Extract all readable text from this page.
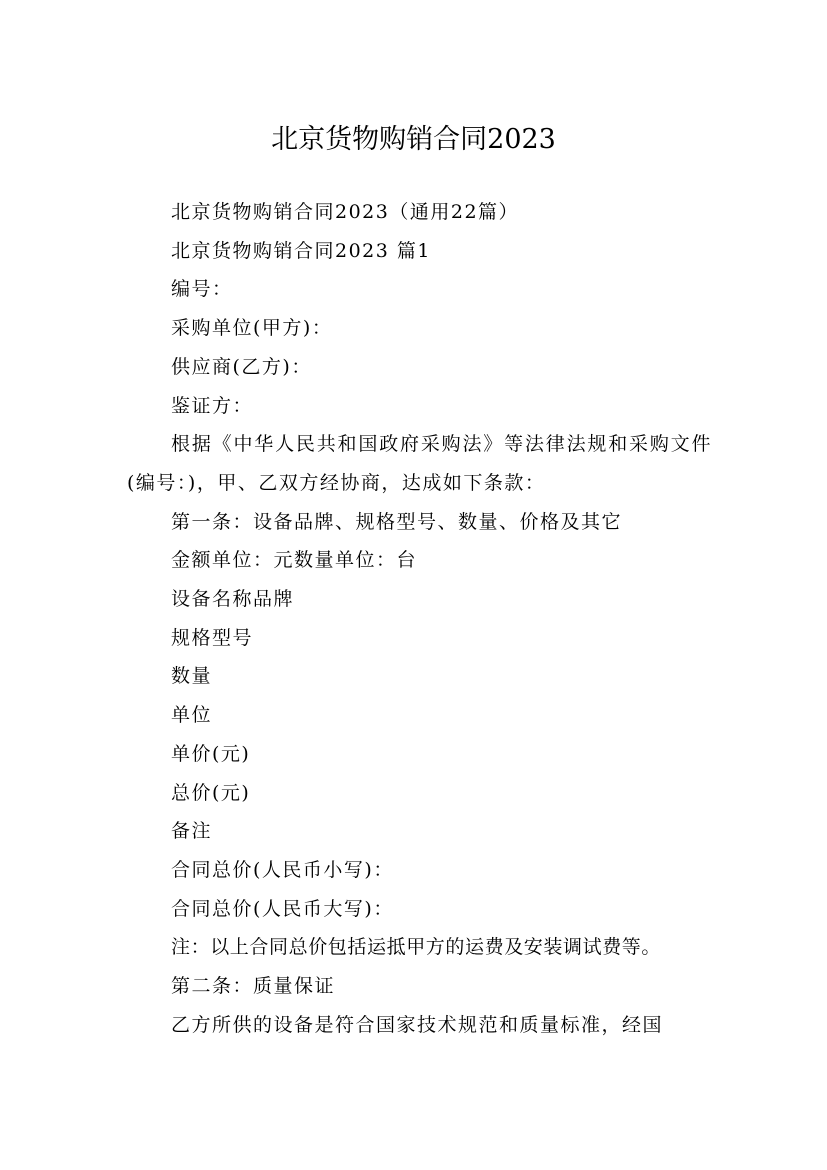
北京货物购销合同2023

北京货物购销合同2023（通用22篇）

北京货物购销合同2023 篇1

编号：

采购单位(甲方)：

供应商(乙方)：

鉴证方：

根据《中华人民共和国政府采购法》等法律法规和采购文件(编号：)，甲、乙双方经协商，达成如下条款：

第一条：设备品牌、规格型号、数量、价格及其它

金额单位：元数量单位：台

设备名称品牌

规格型号

数量

单位

单价(元)

总价(元)

备注

合同总价(人民币小写)：

合同总价(人民币大写)：

注：以上合同总价包括运抵甲方的运费及安装调试费等。

第二条：质量保证

乙方所供的设备是符合国家技术规范和质量标准，经国
